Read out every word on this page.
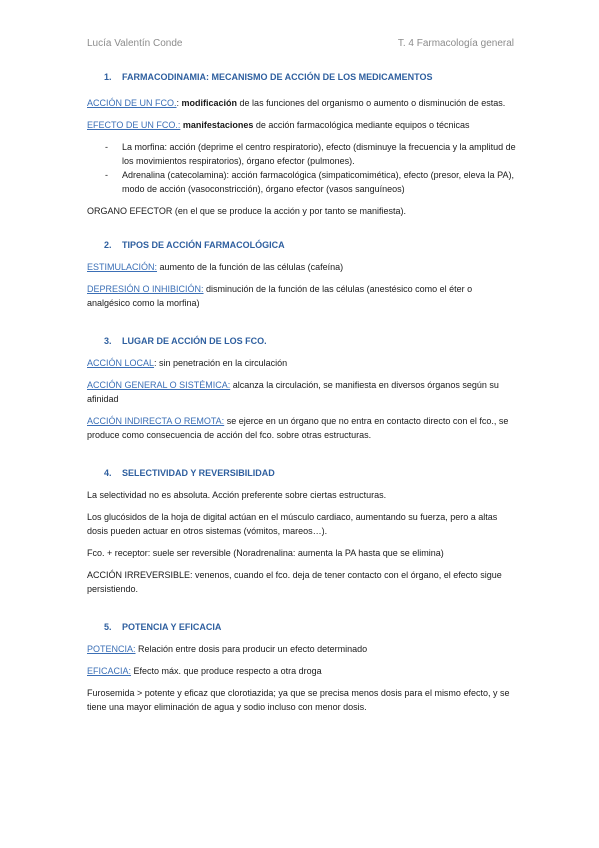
Lucía Valentín Conde	T. 4 Farmacología general

1. FARMACODINAMIA: MECANISMO DE ACCIÓN DE LOS MEDICAMENTOS

ACCIÓN DE UN FCO.: modificación de las funciones del organismo o aumento o disminución de estas.

EFECTO DE UN FCO.: manifestaciones de acción farmacológica mediante equipos o técnicas

- La morfina: acción (deprime el centro respiratorio), efecto (disminuye la frecuencia y la amplitud de los movimientos respiratorios), órgano efector (pulmones).
- Adrenalina (catecolamina): acción farmacológica (simpaticomimética), efecto (presor, eleva la PA), modo de acción (vasoconstricción), órgano efector (vasos sanguíneos)

ORGANO EFECTOR (en el que se produce la acción y por tanto se manifiesta).

2. TIPOS DE ACCIÓN FARMACOLÓGICA

ESTIMULACIÓN: aumento de la función de las células (cafeína)

DEPRESIÓN O INHIBICIÓN: disminución de la función de las células (anestésico como el éter o analgésico como la morfina)

3. LUGAR DE ACCIÓN DE LOS FCO.

ACCIÓN LOCAL: sin penetración en la circulación

ACCIÓN GENERAL O SISTÉMICA: alcanza la circulación, se manifiesta en diversos órganos según su afinidad

ACCIÓN INDIRECTA O REMOTA: se ejerce en un órgano que no entra en contacto directo con el fco., se produce como consecuencia de acción del fco. sobre otras estructuras.

4. SELECTIVIDAD Y REVERSIBILIDAD

La selectividad no es absoluta. Acción preferente sobre ciertas estructuras.

Los glucósidos de la hoja de digital actúan en el músculo cardiaco, aumentando su fuerza, pero a altas dosis pueden actuar en otros sistemas (vómitos, mareos…).

Fco. + receptor: suele ser reversible (Noradrenalina: aumenta la PA hasta que se elimina)

ACCIÓN IRREVERSIBLE: venenos, cuando el fco. deja de tener contacto con el órgano, el efecto sigue persistiendo.

5. POTENCIA Y EFICACIA

POTENCIA: Relación entre dosis para producir un efecto determinado

EFICACIA: Efecto máx. que produce respecto a otra droga

Furosemida > potente y eficaz que clorotiazida; ya que se precisa menos dosis para el mismo efecto, y se tiene una mayor eliminación de agua y sodio incluso con menor dosis.
